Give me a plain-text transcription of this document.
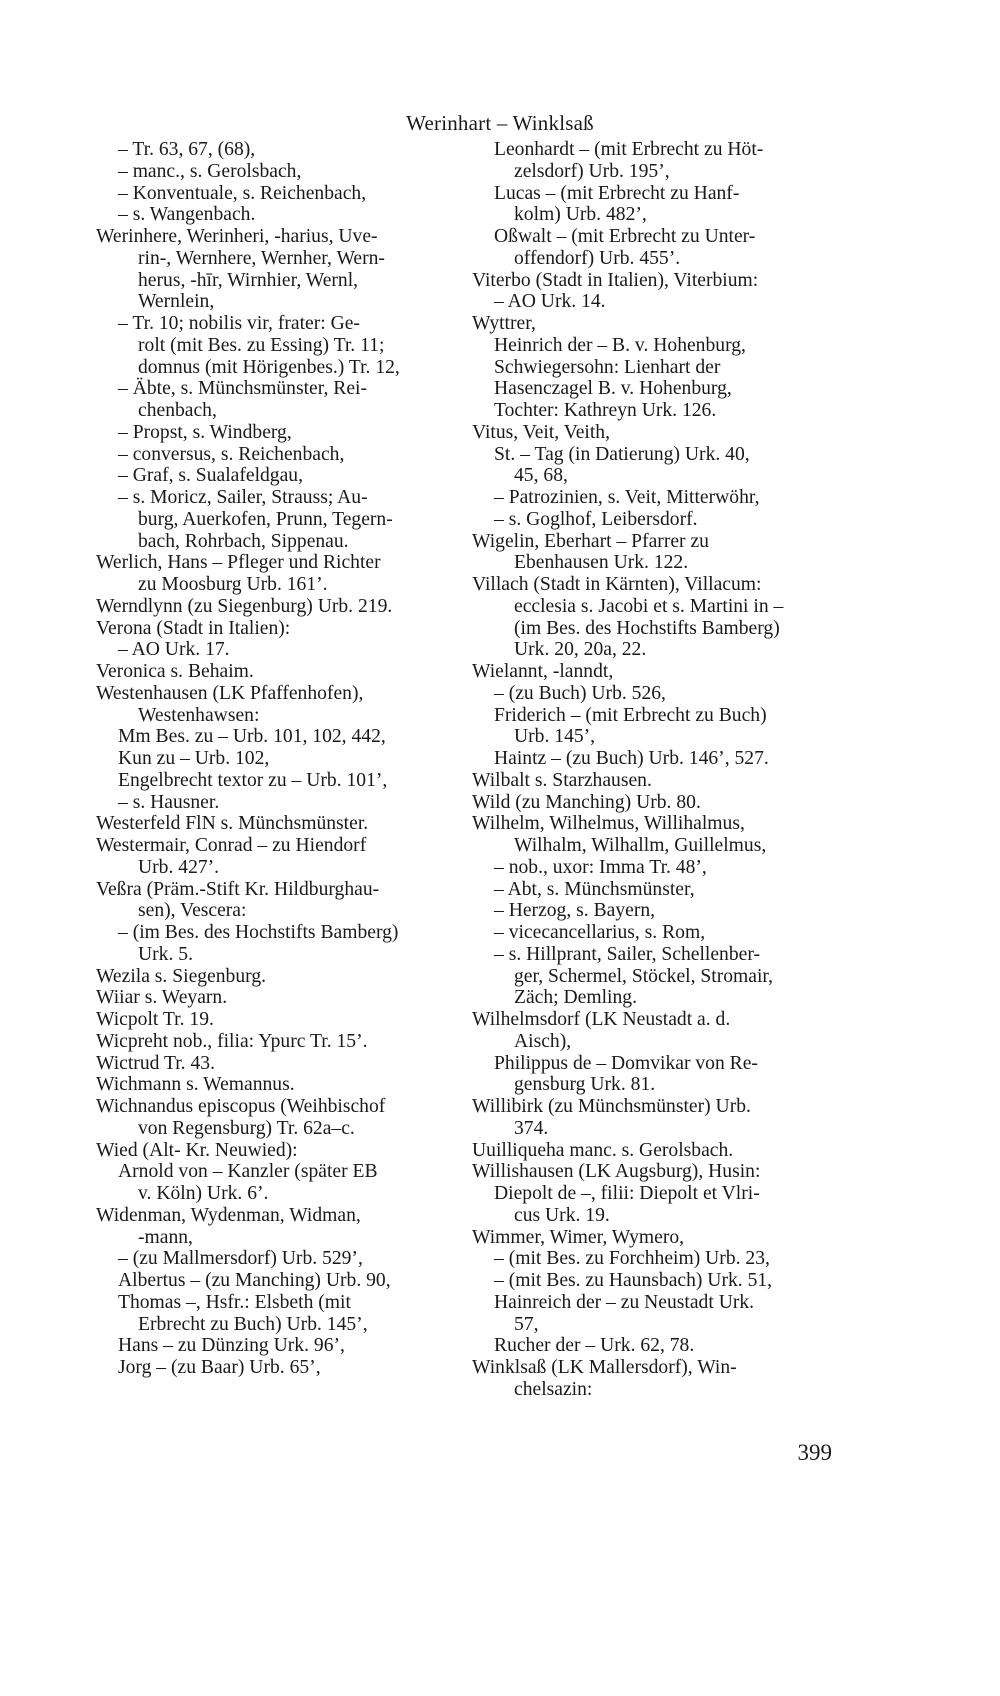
Werinhart – Winklsaß
– Tr. 63, 67, (68),
– manc., s. Gerolsbach,
– Konventuale, s. Reichenbach,
– s. Wangenbach.
Werinhere, Werinheri, -harius, Uve-
rin-, Wernhere, Wernher, Wern-
herus, -hīr, Wirnhier, Wernl,
Wernlein,
– Tr. 10; nobilis vir, frater: Ge-
rolt (mit Bes. zu Essing) Tr. 11;
domnus (mit Hörigenbes.) Tr. 12,
– Äbte, s. Münchsmünster, Rei-
chenbach,
– Propst, s. Windberg,
– conversus, s. Reichenbach,
– Graf, s. Sualafeldgau,
– s. Moricz, Sailer, Strauss; Au-
burg, Auerkofen, Prunn, Tegern-
bach, Rohrbach, Sippenau.
Werlich, Hans – Pfleger und Richter
zu Moosburg Urb. 161’.
Werndlynn (zu Siegenburg) Urb. 219.
Verona (Stadt in Italien):
– AO Urk. 17.
Veronica s. Behaim.
Westenhausen (LK Pfaffenhofen),
Westenhawsen:
Mm Bes. zu – Urb. 101, 102, 442,
Kun zu – Urb. 102,
Engelbrecht textor zu – Urb. 101’,
– s. Hausner.
Westerfeld FlN s. Münchsmünster.
Westermair, Conrad – zu Hiendorf
Urb. 427’.
Veßra (Präm.-Stift Kr. Hildburghau-
sen), Vescera:
– (im Bes. des Hochstifts Bamberg)
Urk. 5.
Wezila s. Siegenburg.
Wiiar s. Weyarn.
Wicpolt Tr. 19.
Wicpreht nob., filia: Ypurc Tr. 15’.
Wictrud Tr. 43.
Wichmann s. Wemannus.
Wichnandus episcopus (Weihbischof
von Regensburg) Tr. 62a–c.
Wied (Alt- Kr. Neuwied):
Arnold von – Kanzler (später EB
v. Köln) Urk. 6’.
Widenman, Wydenman, Widman,
-mann,
– (zu Mallmersdorf) Urb. 529’,
Albertus – (zu Manching) Urb. 90,
Thomas –, Hsfr.: Elsbeth (mit
Erbrecht zu Buch) Urb. 145’,
Hans – zu Dünzing Urk. 96’,
Jorg – (zu Baar) Urb. 65’,
Leonhardt – (mit Erbrecht zu Höt-
zelsdorf) Urb. 195’,
Lucas – (mit Erbrecht zu Hanf-
kolm) Urb. 482’,
Oßwalt – (mit Erbrecht zu Unter-
offendorf) Urb. 455’.
Viterbo (Stadt in Italien), Viterbium:
– AO Urk. 14.
Wyttrer,
Heinrich der – B. v. Hohenburg,
Schwiegersohn: Lienhart der
Hasenczagel B. v. Hohenburg,
Tochter: Kathreyn Urk. 126.
Vitus, Veit, Veith,
St. – Tag (in Datierung) Urk. 40,
45, 68,
– Patrozinien, s. Veit, Mitterwöhr,
– s. Goglhof, Leibersdorf.
Wigelin, Eberhart – Pfarrer zu
Ebenhausen Urk. 122.
Villach (Stadt in Kärnten), Villacum:
ecclesia s. Jacobi et s. Martini in –
(im Bes. des Hochstifts Bamberg)
Urk. 20, 20a, 22.
Wielannt, -lanndt,
– (zu Buch) Urb. 526,
Friderich – (mit Erbrecht zu Buch)
Urb. 145’,
Haintz – (zu Buch) Urb. 146’, 527.
Wilbalt s. Starzhausen.
Wild (zu Manching) Urb. 80.
Wilhelm, Wilhelmus, Willihalmus,
Wilhalm, Wilhallm, Guillelmus,
– nob., uxor: Imma Tr. 48’,
– Abt, s. Münchsmünster,
– Herzog, s. Bayern,
– vicecancellarius, s. Rom,
– s. Hillprant, Sailer, Schellenber-
ger, Schermel, Stöckel, Stromair,
Zäch; Demling.
Wilhelmsdorf (LK Neustadt a. d.
Aisch),
Philippus de – Domvikar von Re-
gensburg Urk. 81.
Willibirk (zu Münchsmünster) Urb.
374.
Uuilliqueha manc. s. Gerolsbach.
Willishausen (LK Augsburg), Husin:
Diepolt de –, filii: Diepolt et Vlri-
cus Urk. 19.
Wimmer, Wimer, Wymero,
– (mit Bes. zu Forchheim) Urb. 23,
– (mit Bes. zu Haunsbach) Urk. 51,
Hainreich der – zu Neustadt Urk.
57,
Rucher der – Urk. 62, 78.
Winklsaß (LK Mallersdorf), Win-
chelsazin:
399
